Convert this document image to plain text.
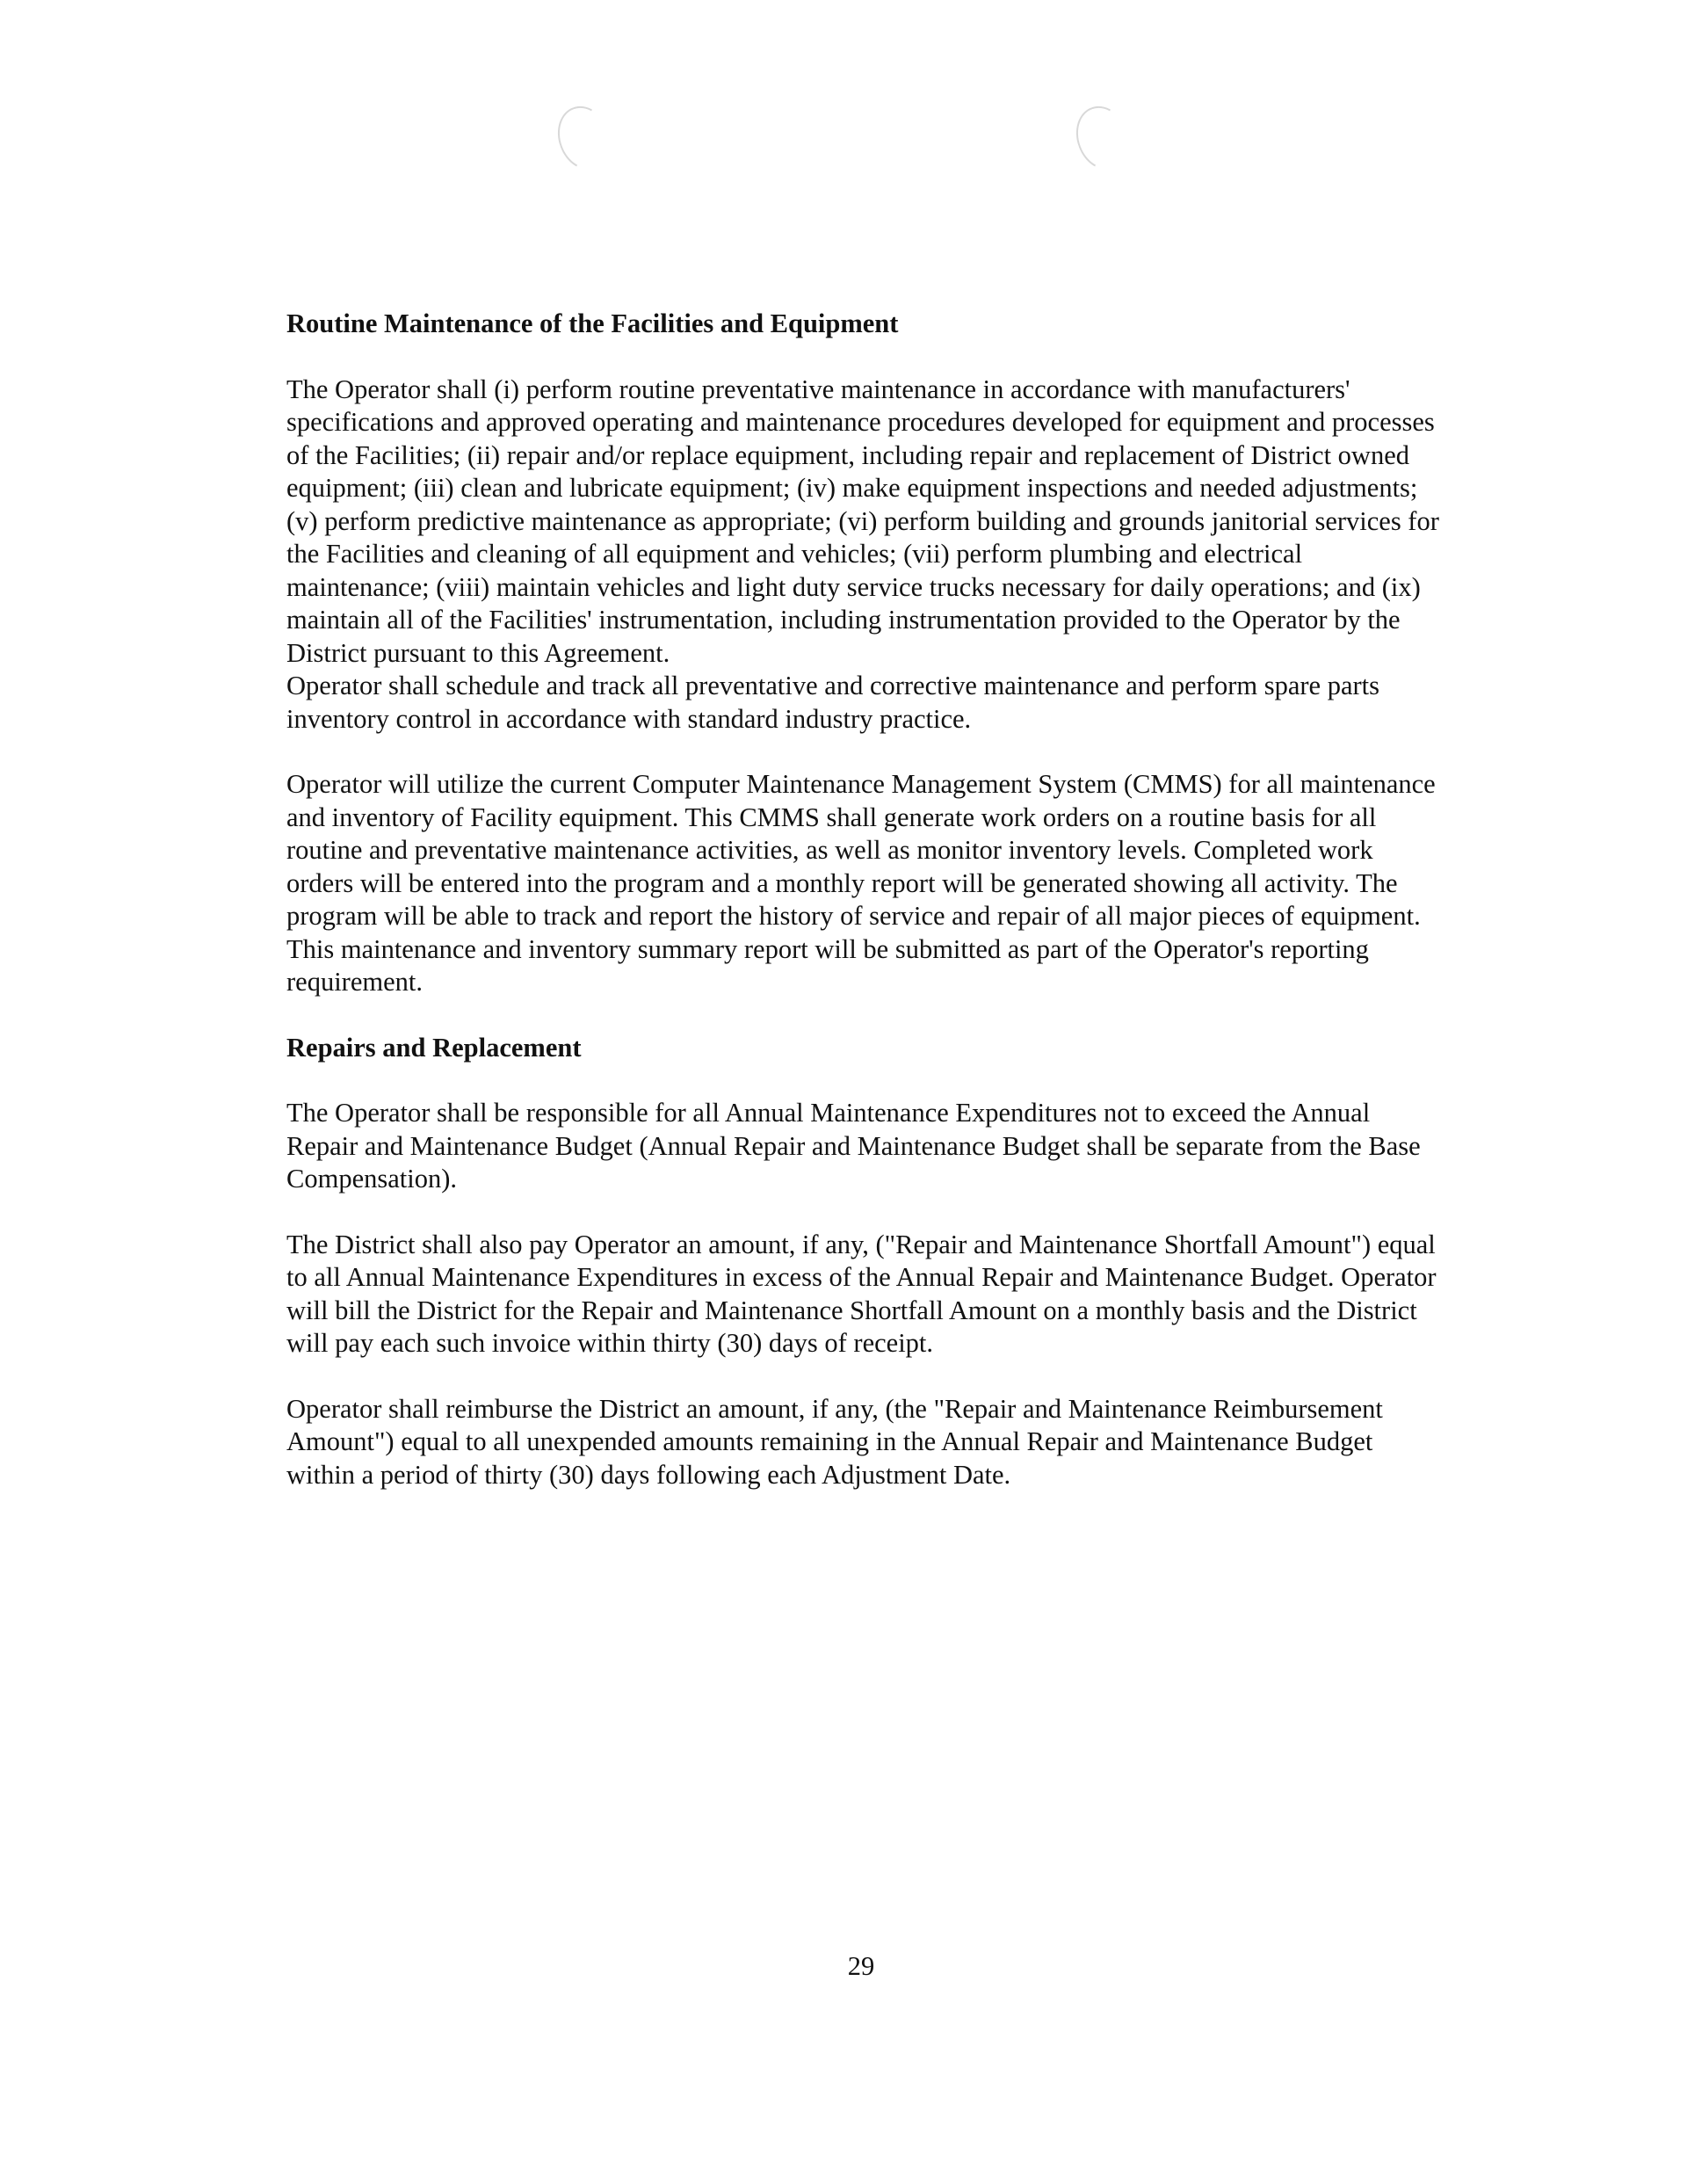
Routine Maintenance of the Facilities and Equipment
The Operator shall (i) perform routine preventative maintenance in accordance with manufacturers' specifications and approved operating and maintenance procedures developed for equipment and processes of the Facilities; (ii) repair and/or replace equipment, including repair and replacement of District owned equipment; (iii) clean and lubricate equipment; (iv) make equipment inspections and needed adjustments; (v) perform predictive maintenance as appropriate; (vi) perform building and grounds janitorial services for the Facilities and cleaning of all equipment and vehicles; (vii) perform plumbing and electrical maintenance; (viii) maintain vehicles and light duty service trucks necessary for daily operations; and (ix) maintain all of the Facilities' instrumentation, including instrumentation provided to the Operator by the District pursuant to this Agreement.
Operator shall schedule and track all preventative and corrective maintenance and perform spare parts inventory control in accordance with standard industry practice.
Operator will utilize the current Computer Maintenance Management System (CMMS) for all maintenance and inventory of Facility equipment. This CMMS shall generate work orders on a routine basis for all routine and preventative maintenance activities, as well as monitor inventory levels. Completed work orders will be entered into the program and a monthly report will be generated showing all activity. The program will be able to track and report the history of service and repair of all major pieces of equipment. This maintenance and inventory summary report will be submitted as part of the Operator's reporting requirement.
Repairs and Replacement
The Operator shall be responsible for all Annual Maintenance Expenditures not to exceed the Annual Repair and Maintenance Budget (Annual Repair and Maintenance Budget shall be separate from the Base Compensation).
The District shall also pay Operator an amount, if any, ("Repair and Maintenance Shortfall Amount") equal to all Annual Maintenance Expenditures in excess of the Annual Repair and Maintenance Budget. Operator will bill the District for the Repair and Maintenance Shortfall Amount on a monthly basis and the District will pay each such invoice within thirty (30) days of receipt.
Operator shall reimburse the District an amount, if any, (the "Repair and Maintenance Reimbursement Amount") equal to all unexpended amounts remaining in the Annual Repair and Maintenance Budget within a period of thirty (30) days following each Adjustment Date.
29
